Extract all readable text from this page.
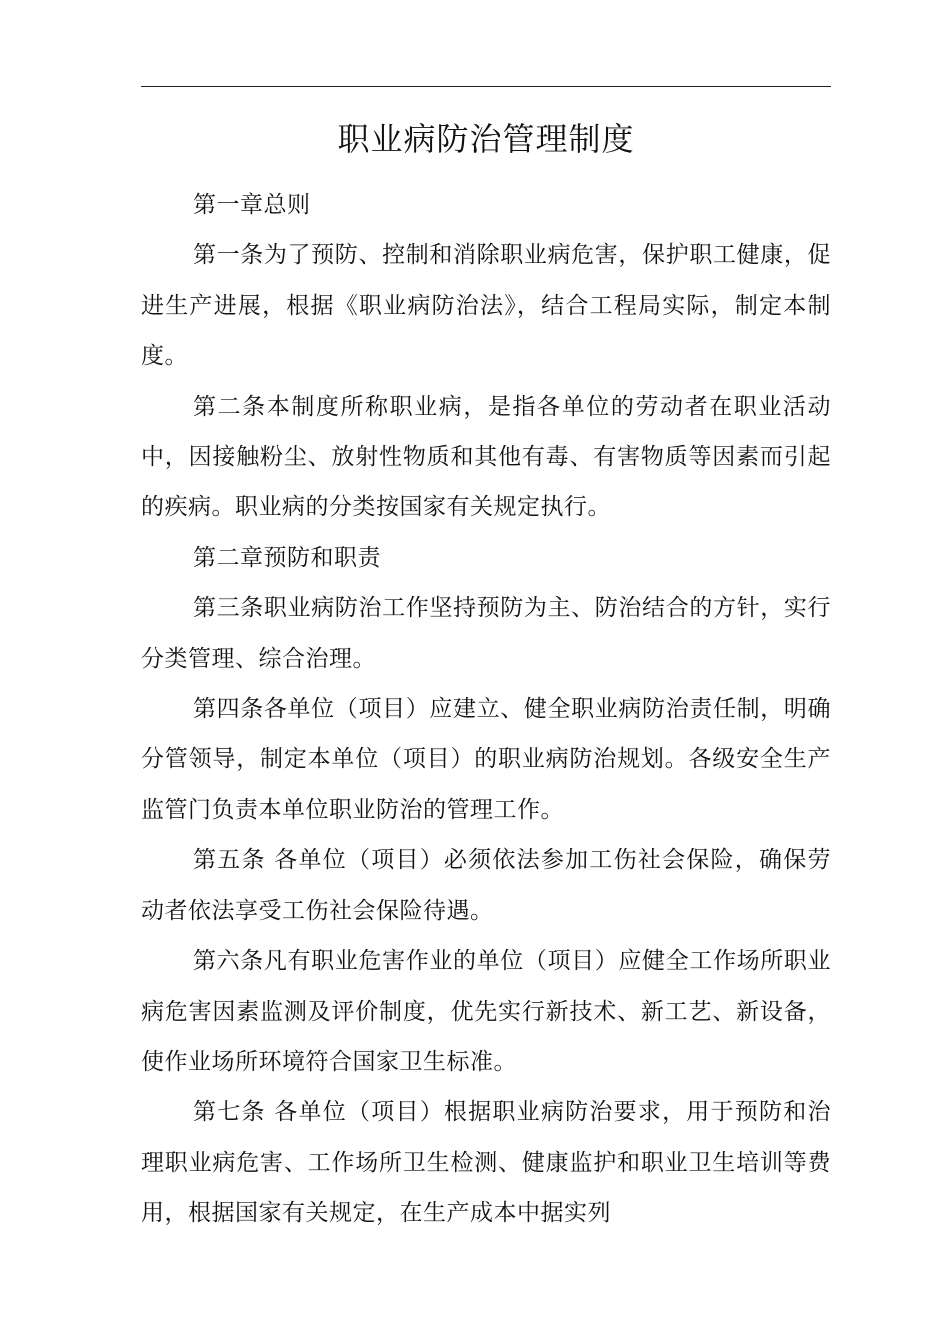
职业病防治管理制度

第一章总则

第一条为了预防、控制和消除职业病危害，保护职工健康，促进生产进展，根据《职业病防治法》，结合工程局实际，制定本制度。

第二条本制度所称职业病，是指各单位的劳动者在职业活动中，因接触粉尘、放射性物质和其他有毒、有害物质等因素而引起的疾病。职业病的分类按国家有关规定执行。

第二章预防和职责

第三条职业病防治工作坚持预防为主、防治结合的方针，实行分类管理、综合治理。

第四条各单位（项目）应建立、健全职业病防治责任制，明确分管领导，制定本单位（项目）的职业病防治规划。各级安全生产监管门负责本单位职业防治的管理工作。

第五条 各单位（项目）必须依法参加工伤社会保险，确保劳动者依法享受工伤社会保险待遇。

第六条凡有职业危害作业的单位（项目）应健全工作场所职业病危害因素监测及评价制度，优先实行新技术、新工艺、新设备，使作业场所环境符合国家卫生标准。

第七条 各单位（项目）根据职业病防治要求，用于预防和治理职业病危害、工作场所卫生检测、健康监护和职业卫生培训等费用，根据国家有关规定，在生产成本中据实列
